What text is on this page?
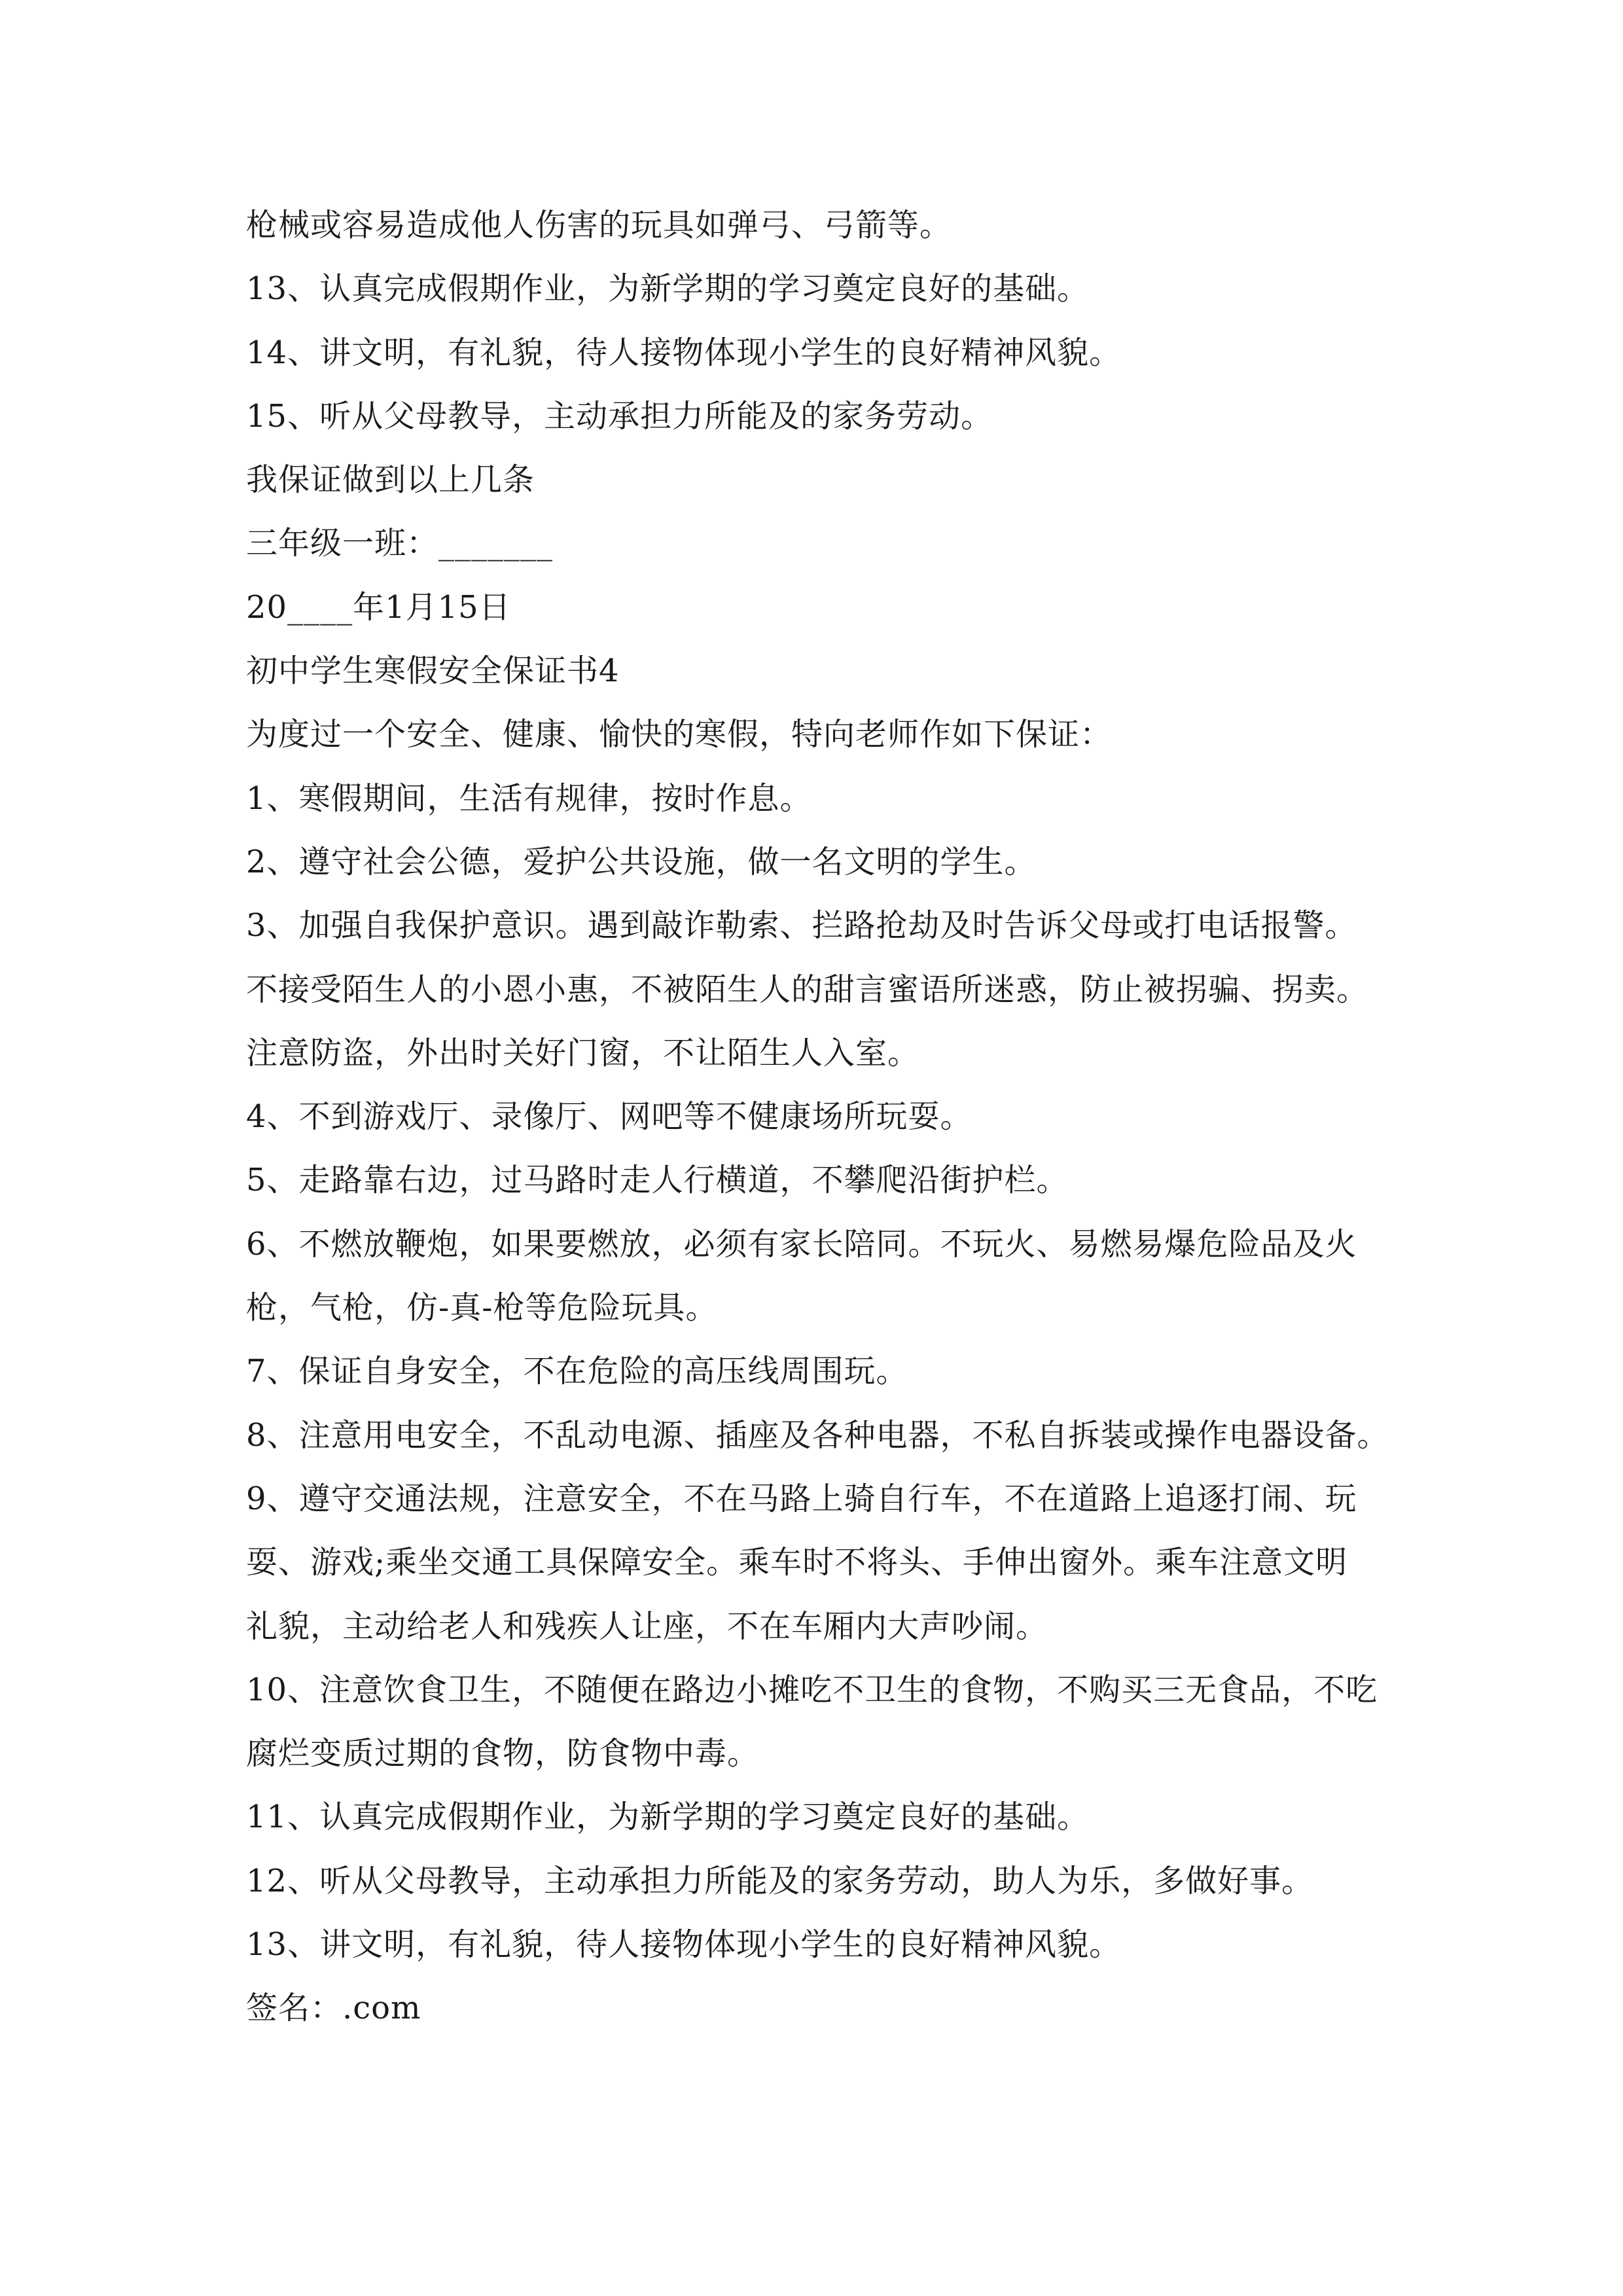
枪械或容易造成他人伤害的玩具如弹弓、弓箭等。
13、认真完成假期作业，为新学期的学习奠定良好的基础。
14、讲文明，有礼貌，待人接物体现小学生的良好精神风貌。
15、听从父母教导，主动承担力所能及的家务劳动。
我保证做到以上几条
三年级一班：_______
20____年1月15日
初中学生寒假安全保证书4
为度过一个安全、健康、愉快的寒假，特向老师作如下保证：
1、寒假期间，生活有规律，按时作息。
2、遵守社会公德，爱护公共设施，做一名文明的学生。
3、加强自我保护意识。遇到敲诈勒索、拦路抢劫及时告诉父母或打电话报警。
不接受陌生人的小恩小惠，不被陌生人的甜言蜜语所迷惑，防止被拐骗、拐卖。
注意防盗，外出时关好门窗，不让陌生人入室。
4、不到游戏厅、录像厅、网吧等不健康场所玩耍。
5、走路靠右边，过马路时走人行横道，不攀爬沿街护栏。
6、不燃放鞭炮，如果要燃放，必须有家长陪同。不玩火、易燃易爆危险品及火
枪，气枪，仿-真-枪等危险玩具。
7、保证自身安全，不在危险的高压线周围玩。
8、注意用电安全，不乱动电源、插座及各种电器，不私自拆装或操作电器设备。
9、遵守交通法规，注意安全，不在马路上骑自行车，不在道路上追逐打闹、玩
耍、游戏;乘坐交通工具保障安全。乘车时不将头、手伸出窗外。乘车注意文明
礼貌，主动给老人和残疾人让座，不在车厢内大声吵闹。
10、注意饮食卫生，不随便在路边小摊吃不卫生的食物，不购买三无食品，不吃
腐烂变质过期的食物，防食物中毒。
11、认真完成假期作业，为新学期的学习奠定良好的基础。
12、听从父母教导，主动承担力所能及的家务劳动，助人为乐，多做好事。
13、讲文明，有礼貌，待人接物体现小学生的良好精神风貌。
签名：.com
